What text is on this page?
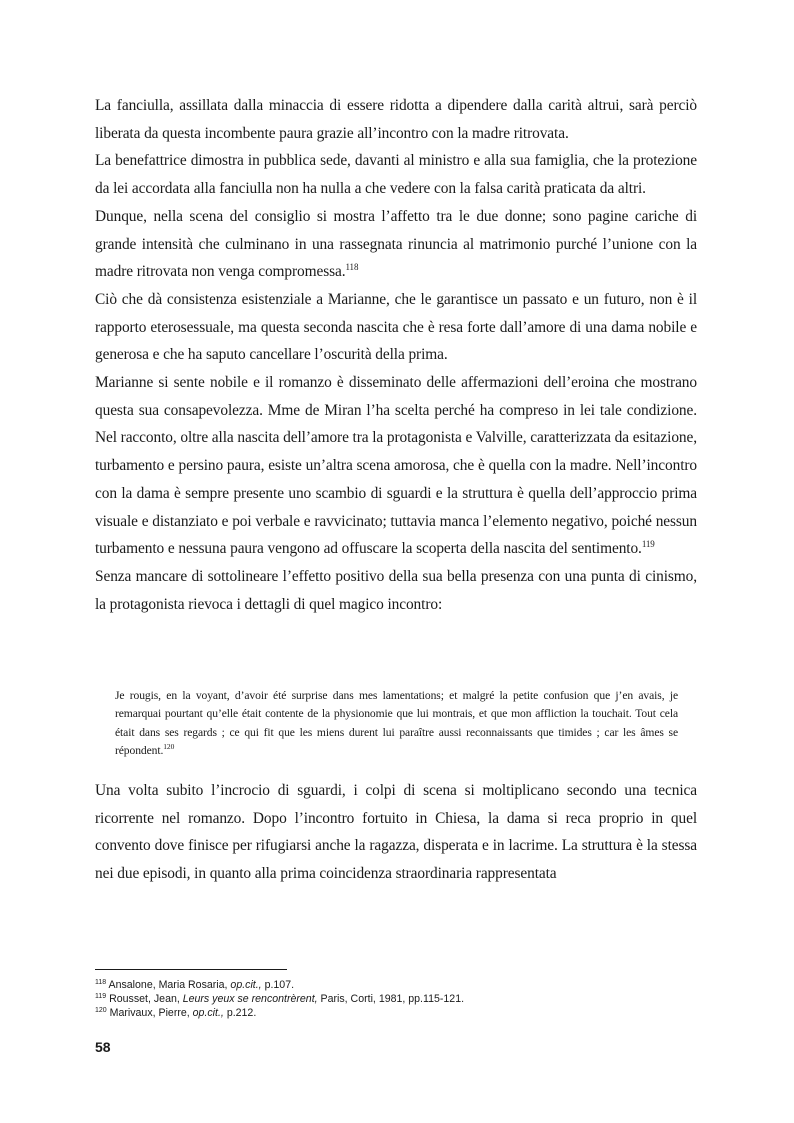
La fanciulla, assillata dalla minaccia di essere ridotta a dipendere dalla carità altrui, sarà perciò liberata da questa incombente paura grazie all’incontro con la madre ritrovata.

La benefattrice dimostra in pubblica sede, davanti al ministro e alla sua famiglia, che la protezione da lei accordata alla fanciulla non ha nulla a che vedere con la falsa carità praticata da altri.

Dunque, nella scena del consiglio si mostra l’affetto tra le due donne; sono pagine cariche di grande intensità che culminano in una rassegnata rinuncia al matrimonio purché l’unione con la madre ritrovata non venga compromessa.$^{118}$

Ciò che dà consistenza esistenziale a Marianne, che le garantisce un passato e un futuro, non è il rapporto eterosessuale, ma questa seconda nascita che è resa forte dall’amore di una dama nobile e generosa e che ha saputo cancellare l’oscurità della prima.

Marianne si sente nobile e il romanzo è disseminato delle affermazioni dell’eroina che mostrano questa sua consapevolezza. Mme de Miran l’ha scelta perché ha compreso in lei tale condizione. Nel racconto, oltre alla nascita dell’amore tra la protagonista e Valville, caratterizzata da esitazione, turbamento e persino paura, esiste un’altra scena amorosa, che è quella con la madre. Nell’incontro con la dama è sempre presente uno scambio di sguardi e la struttura è quella dell’approccio prima visuale e distanziato e poi verbale e ravvicinato; tuttavia manca l’elemento negativo, poiché nessun turbamento e nessuna paura vengono ad offuscare la scoperta della nascita del sentimento.$^{119}$

Senza mancare di sottolineare l’effetto positivo della sua bella presenza con una punta di cinismo, la protagonista rievoca i dettagli di quel magico incontro:

Je rougis, en la voyant, d’avoir été surprise dans mes lamentations; et malgré la petite confusion que j’en avais, je remarquai pourtant qu’elle était contente de la physionomie que lui montrais, et que mon affliction la touchait. Tout cela était dans ses regards ; ce qui fit que les miens durent lui paraître aussi reconnaissants que timides ; car les âmes se répondent.$^{120}$

Una volta subito l’incrocio di sguardi, i colpi di scena si moltiplicano secondo una tecnica ricorrente nel romanzo. Dopo l’incontro fortuito in Chiesa, la dama si reca proprio in quel convento dove finisce per rifugiarsi anche la ragazza, disperata e in lacrime. La struttura è la stessa nei due episodi, in quanto alla prima coincidenza straordinaria rappresentata

$^{118}$ Ansalone, Maria Rosaria, op.cit., p.107.

$^{119}$ Rousset, Jean, Leurs yeux se rencontrèrent, Paris, Corti, 1981, pp.115-121.

$^{120}$ Marivaux, Pierre, op.cit., p.212.

58
